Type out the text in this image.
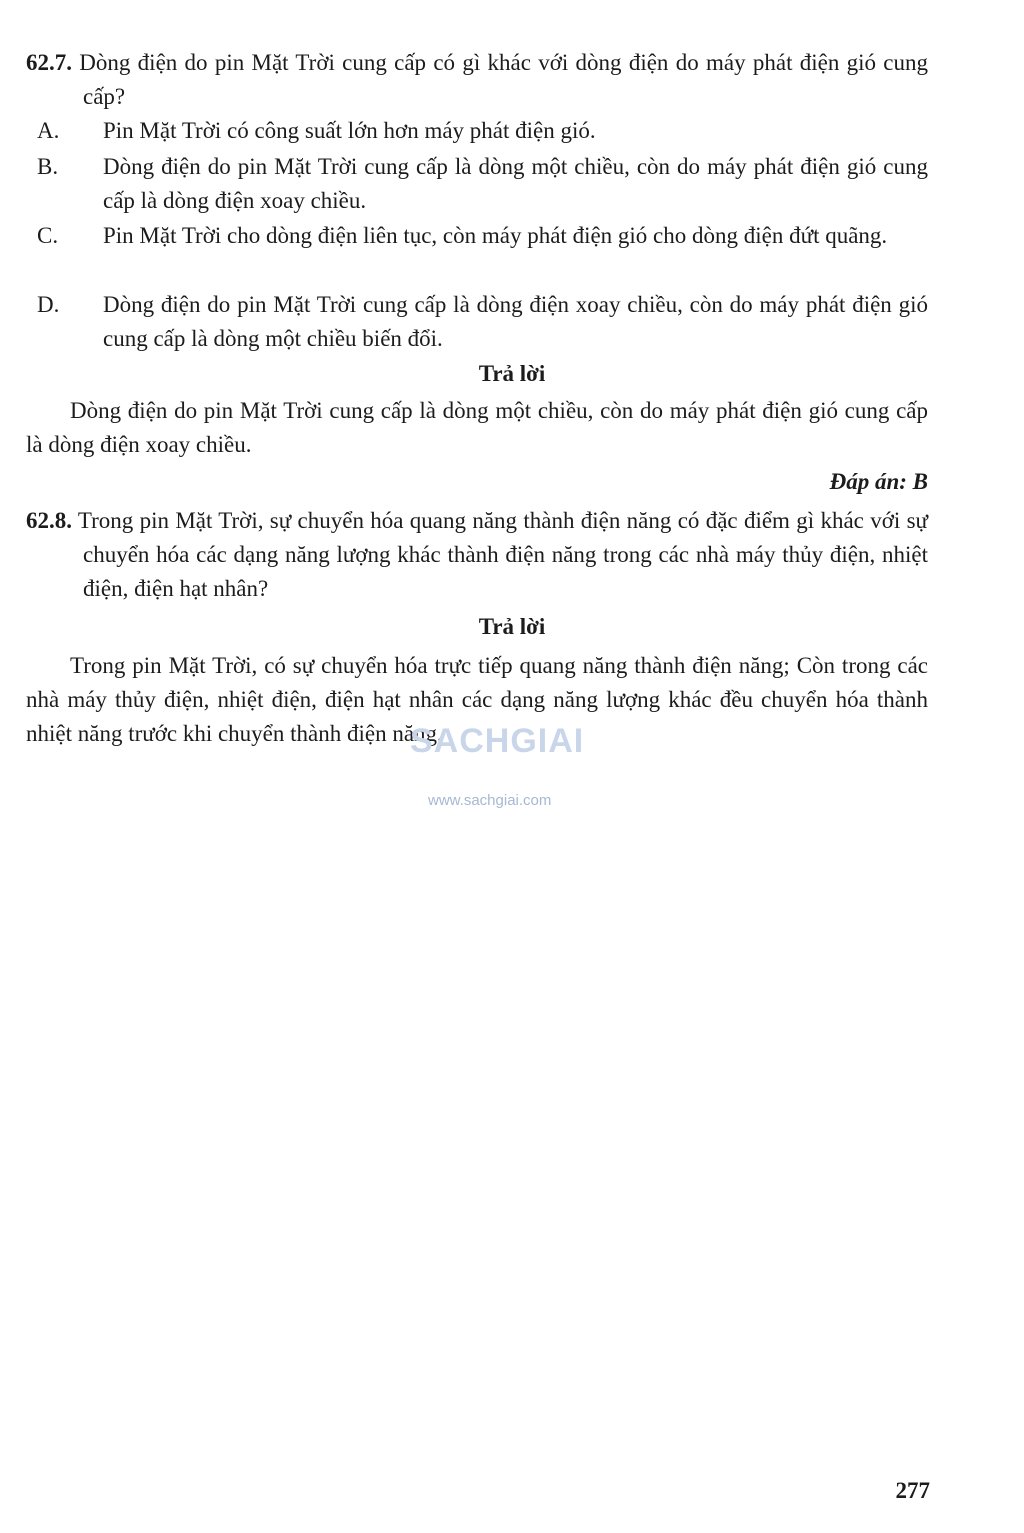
62.7. Dòng điện do pin Mặt Trời cung cấp có gì khác với dòng điện do máy phát điện gió cung cấp?
A. Pin Mặt Trời có công suất lớn hơn máy phát điện gió.
B. Dòng điện do pin Mặt Trời cung cấp là dòng một chiều, còn do máy phát điện gió cung cấp là dòng điện xoay chiều.
C. Pin Mặt Trời cho dòng điện liên tục, còn máy phát điện gió cho dòng điện đứt quãng.
D. Dòng điện do pin Mặt Trời cung cấp là dòng điện xoay chiều, còn do máy phát điện gió cung cấp là dòng một chiều biến đổi.
Trả lời
Dòng điện do pin Mặt Trời cung cấp là dòng một chiều, còn do máy phát điện gió cung cấp là dòng điện xoay chiều.
Đáp án: B
62.8. Trong pin Mặt Trời, sự chuyển hóa quang năng thành điện năng có đặc điểm gì khác với sự chuyển hóa các dạng năng lượng khác thành điện năng trong các nhà máy thủy điện, nhiệt điện, điện hạt nhân?
Trả lời
Trong pin Mặt Trời, có sự chuyển hóa trực tiếp quang năng thành điện năng; Còn trong các nhà máy thủy điện, nhiệt điện, điện hạt nhân các dạng năng lượng khác đều chuyển hóa thành nhiệt năng trước khi chuyển thành điện năng.
SACHGIAI
www.sachgiai.com
277
